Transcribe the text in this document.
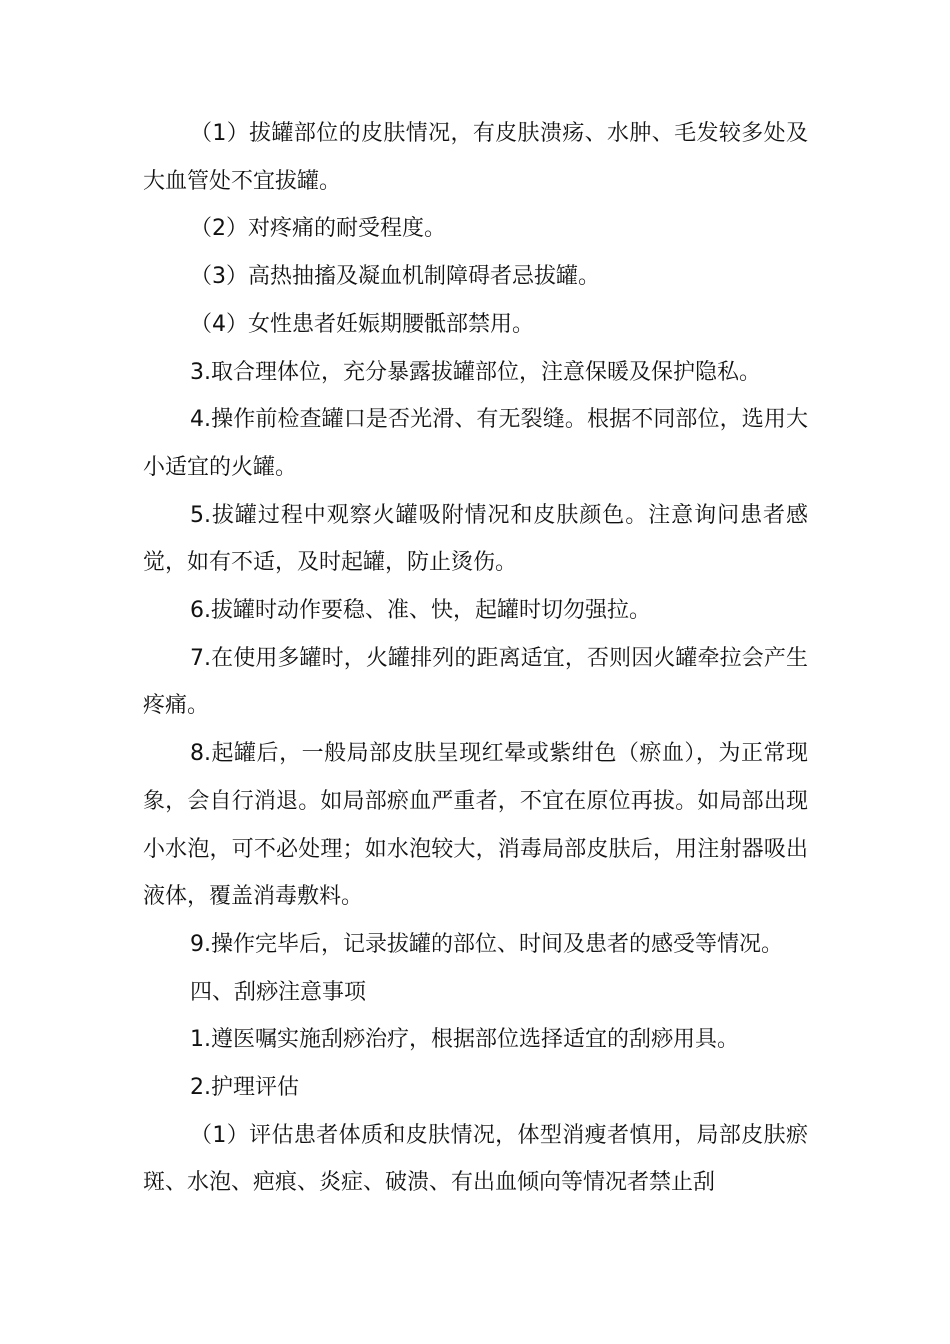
（1）拔罐部位的皮肤情况，有皮肤溃疡、水肿、毛发较多处及大血管处不宜拔罐。

（2）对疼痛的耐受程度。

（3）高热抽搐及凝血机制障碍者忌拔罐。

（4）女性患者妊娠期腰骶部禁用。

3.取合理体位，充分暴露拔罐部位，注意保暖及保护隐私。

4.操作前检查罐口是否光滑、有无裂缝。根据不同部位，选用大小适宜的火罐。

5.拔罐过程中观察火罐吸附情况和皮肤颜色。注意询问患者感觉，如有不适，及时起罐，防止烫伤。

6.拔罐时动作要稳、准、快，起罐时切勿强拉。

7.在使用多罐时，火罐排列的距离适宜，否则因火罐牵拉会产生疼痛。

8.起罐后，一般局部皮肤呈现红晕或紫绀色（瘀血），为正常现象，会自行消退。如局部瘀血严重者，不宜在原位再拔。如局部出现小水泡，可不必处理；如水泡较大，消毒局部皮肤后，用注射器吸出液体，覆盖消毒敷料。

9.操作完毕后，记录拔罐的部位、时间及患者的感受等情况。

四、刮痧注意事项

1.遵医嘱实施刮痧治疗，根据部位选择适宜的刮痧用具。

2.护理评估

（1）评估患者体质和皮肤情况，体型消瘦者慎用，局部皮肤瘀斑、水泡、疤痕、炎症、破溃、有出血倾向等情况者禁止刮
